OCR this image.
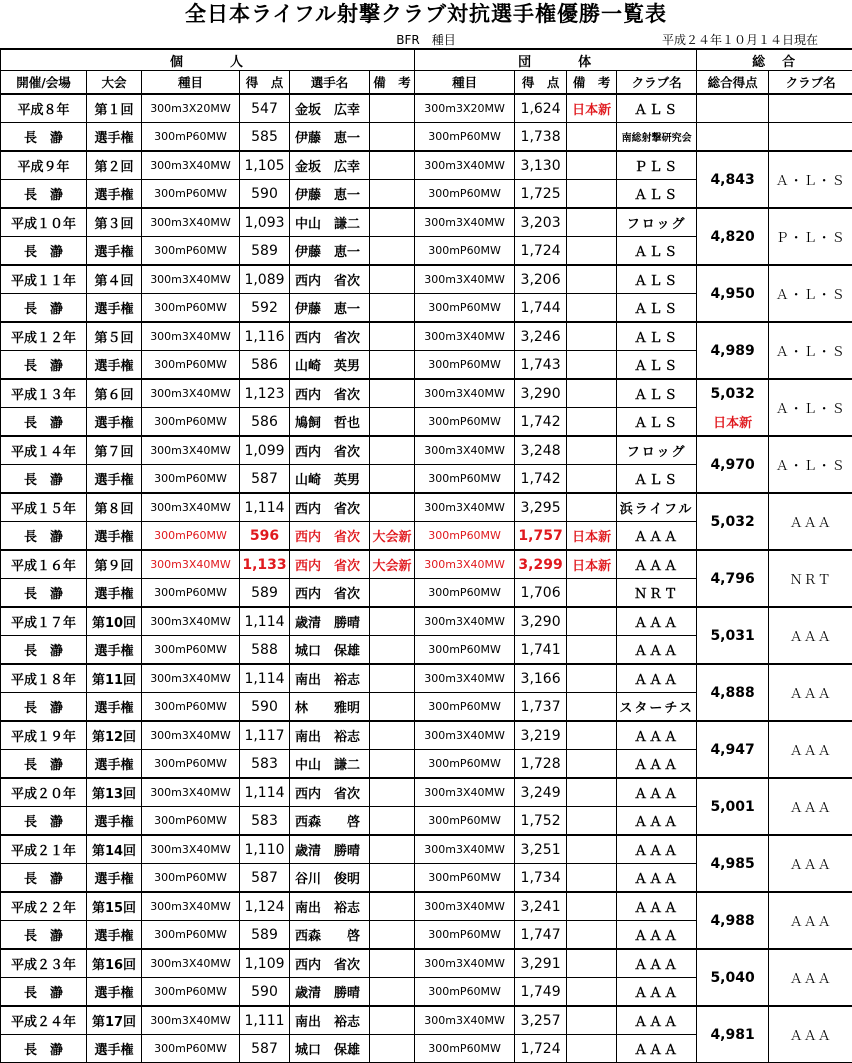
全日本ライフル射撃クラブ対抗選手権優勝一覧表
BFR　種目	平成２４年１０月１４日現在
個　　　人						団　　　体				総　合	
開催/会場	大会	種目	得　点	選手名	備　考	種目	得　点	備　考	クラブ名	総合得点	クラブ名
平成８年	第１回	300m3X20MW	547	金坂　広幸		300m3X20MW	1,624	日本新	ＡＬＳ		
長　瀞	選手権	300mP60MW	585	伊藤　恵一		300mP60MW	1,738		南総射撃研究会		
平成９年	第２回	300m3X40MW	1,105	金坂　広幸		300m3X40MW	3,130		ＰＬＳ	4,843	Ａ・Ｌ・Ｓ
長　瀞	選手権	300mP60MW	590	伊藤　恵一		300mP60MW	1,725		ＡＬＳ		
平成１０年	第３回	300m3X40MW	1,093	中山　謙二		300m3X40MW	3,203		フロッグ	4,820	Ｐ・Ｌ・Ｓ
長　瀞	選手権	300mP60MW	589	伊藤　恵一		300mP60MW	1,724		ＡＬＳ		
平成１１年	第４回	300m3X40MW	1,089	西内　省次		300m3X40MW	3,206		ＡＬＳ	4,950	Ａ・Ｌ・Ｓ
長　瀞	選手権	300mP60MW	592	伊藤　恵一		300mP60MW	1,744		ＡＬＳ		
平成１２年	第５回	300m3X40MW	1,116	西内　省次		300m3X40MW	3,246		ＡＬＳ	4,989	Ａ・Ｌ・Ｓ
長　瀞	選手権	300mP60MW	586	山崎　英男		300mP60MW	1,743		ＡＬＳ		
平成１３年	第６回	300m3X40MW	1,123	西内　省次		300m3X40MW	3,290		ＡＬＳ	5,032	Ａ・Ｌ・Ｓ
長　瀞	選手権	300mP60MW	586	鳩飼　哲也		300mP60MW	1,742		ＡＬＳ	日本新	
平成１４年	第７回	300m3X40MW	1,099	西内　省次		300m3X40MW	3,248		フロッグ	4,970	Ａ・Ｌ・Ｓ
長　瀞	選手権	300mP60MW	587	山崎　英男		300mP60MW	1,742		ＡＬＳ		
平成１５年	第８回	300m3X40MW	1,114	西内　省次		300m3X40MW	3,295		浜ライフル	5,032	ＡＡＡ
長　瀞	選手権	300mP60MW	596	西内　省次	大会新	300mP60MW	1,757	日本新	ＡＡＡ		
平成１６年	第９回	300m3X40MW	1,133	西内　省次	大会新	300m3X40MW	3,299	日本新	ＡＡＡ	4,796	ＮＲＴ
長　瀞	選手権	300mP60MW	589	西内　省次		300mP60MW	1,706		ＮＲＴ		
平成１７年	第10回	300m3X40MW	1,114	歳清　勝晴		300m3X40MW	3,290		ＡＡＡ	5,031	ＡＡＡ
長　瀞	選手権	300mP60MW	588	城口　保雄		300mP60MW	1,741		ＡＡＡ		
平成１８年	第11回	300m3X40MW	1,114	南出　裕志		300m3X40MW	3,166		ＡＡＡ	4,888	ＡＡＡ
長　瀞	選手権	300mP60MW	590	林　　雅明		300mP60MW	1,737		スターチス		
平成１９年	第12回	300m3X40MW	1,117	南出　裕志		300m3X40MW	3,219		ＡＡＡ	4,947	ＡＡＡ
長　瀞	選手権	300mP60MW	583	中山　謙二		300mP60MW	1,728		ＡＡＡ		
平成２０年	第13回	300m3X40MW	1,114	西内　省次		300m3X40MW	3,249		ＡＡＡ	5,001	ＡＡＡ
長　瀞	選手権	300mP60MW	583	西森　　啓		300mP60MW	1,752		ＡＡＡ		
平成２１年	第14回	300m3X40MW	1,110	歳清　勝晴		300m3X40MW	3,251		ＡＡＡ	4,985	ＡＡＡ
長　瀞	選手権	300mP60MW	587	谷川　俊明		300mP60MW	1,734		ＡＡＡ		
平成２２年	第15回	300m3X40MW	1,124	南出　裕志		300m3X40MW	3,241		ＡＡＡ	4,988	ＡＡＡ
長　瀞	選手権	300mP60MW	589	西森　　啓		300mP60MW	1,747		ＡＡＡ		
平成２３年	第16回	300m3X40MW	1,109	西内　省次		300m3X40MW	3,291		ＡＡＡ	5,040	ＡＡＡ
長　瀞	選手権	300mP60MW	590	歳清　勝晴		300mP60MW	1,749		ＡＡＡ		
平成２４年	第17回	300m3X40MW	1,111	南出　裕志		300m3X40MW	3,257		ＡＡＡ	4,981	ＡＡＡ
長　瀞	選手権	300mP60MW	587	城口　保雄		300mP60MW	1,724		ＡＡＡ		
